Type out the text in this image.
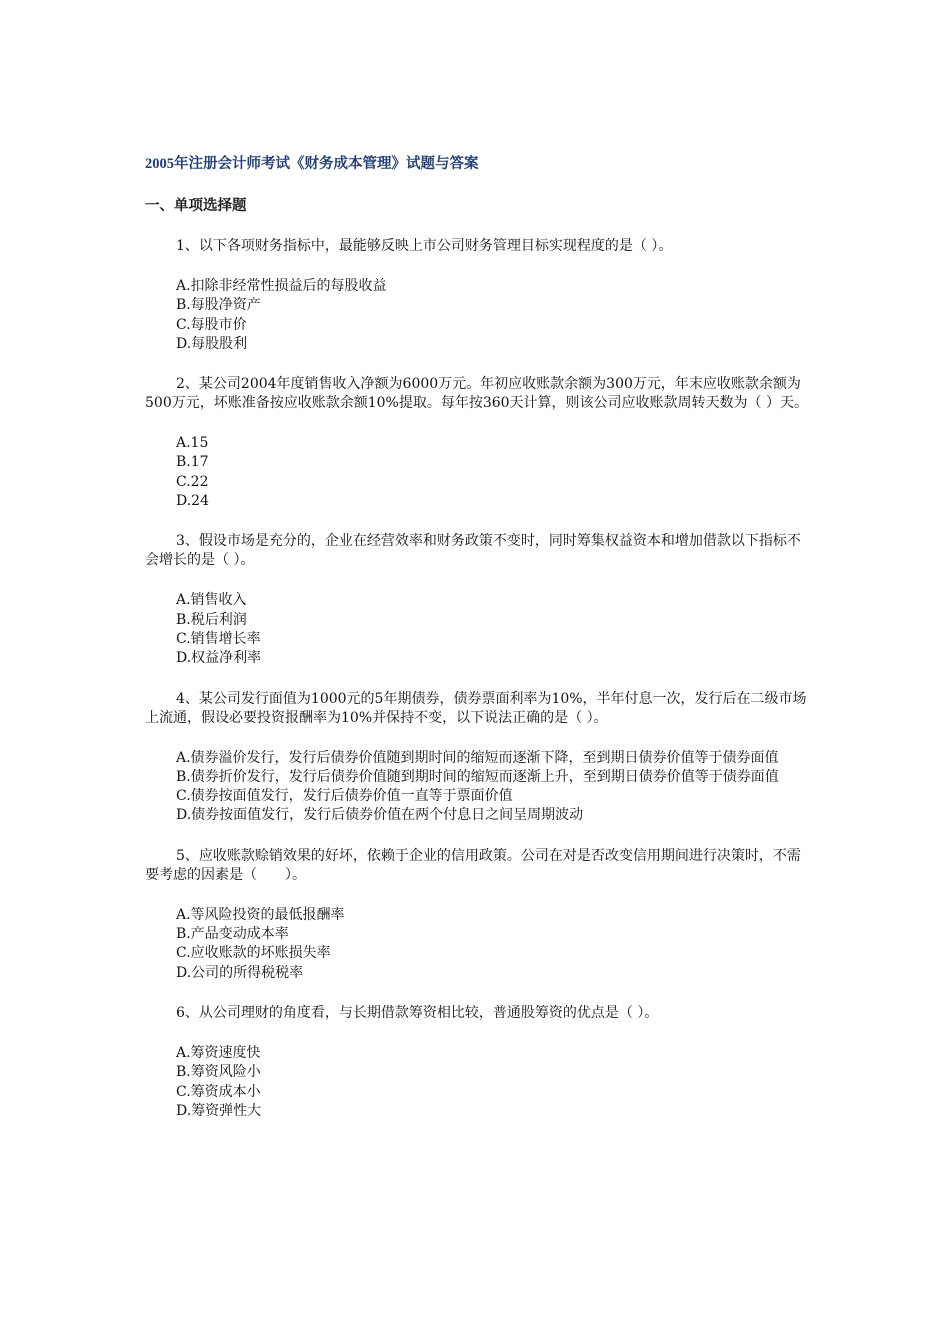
2005年注册会计师考试《财务成本管理》试题与答案
一、单项选择题

1、以下各项财务指标中，最能够反映上市公司财务管理目标实现程度的是（ ）。

A.扣除非经常性损益后的每股收益

B.每股净资产

C.每股市价

D.每股股利

2、某公司2004年度销售收入净额为6000万元。年初应收账款余额为300万元，年末应收账款余额为500万元，坏账准备按应收账款余额10%提取。每年按360天计算，则该公司应收账款周转天数为（ ）天。

A.15

B.17

C.22

D.24

3、假设市场是充分的，企业在经营效率和财务政策不变时，同时筹集权益资本和增加借款以下指标不会增长的是（ ）。

A.销售收入

B.税后利润

C.销售增长率

D.权益净利率

4、某公司发行面值为1000元的5年期债券，债券票面利率为10%，半年付息一次，发行后在二级市场上流通，假设必要投资报酬率为10%并保持不变，以下说法正确的是（ ）。

A.债券溢价发行，发行后债券价值随到期时间的缩短而逐渐下降，至到期日债券价值等于债券面值

B.债券折价发行，发行后债券价值随到期时间的缩短而逐渐上升，至到期日债券价值等于债券面值

C.债券按面值发行，发行后债券价值一直等于票面价值

D.债券按面值发行，发行后债券价值在两个付息日之间呈周期波动

5、应收账款赊销效果的好坏，依赖于企业的信用政策。公司在对是否改变信用期间进行决策时，不需要考虑的因素是（　　）。

A.等风险投资的最低报酬率

B.产品变动成本率

C.应收账款的坏账损失率

D.公司的所得税税率

6、从公司理财的角度看，与长期借款筹资相比较，普通股筹资的优点是（ ）。

A.筹资速度快

B.筹资风险小

C.筹资成本小

D.筹资弹性大
